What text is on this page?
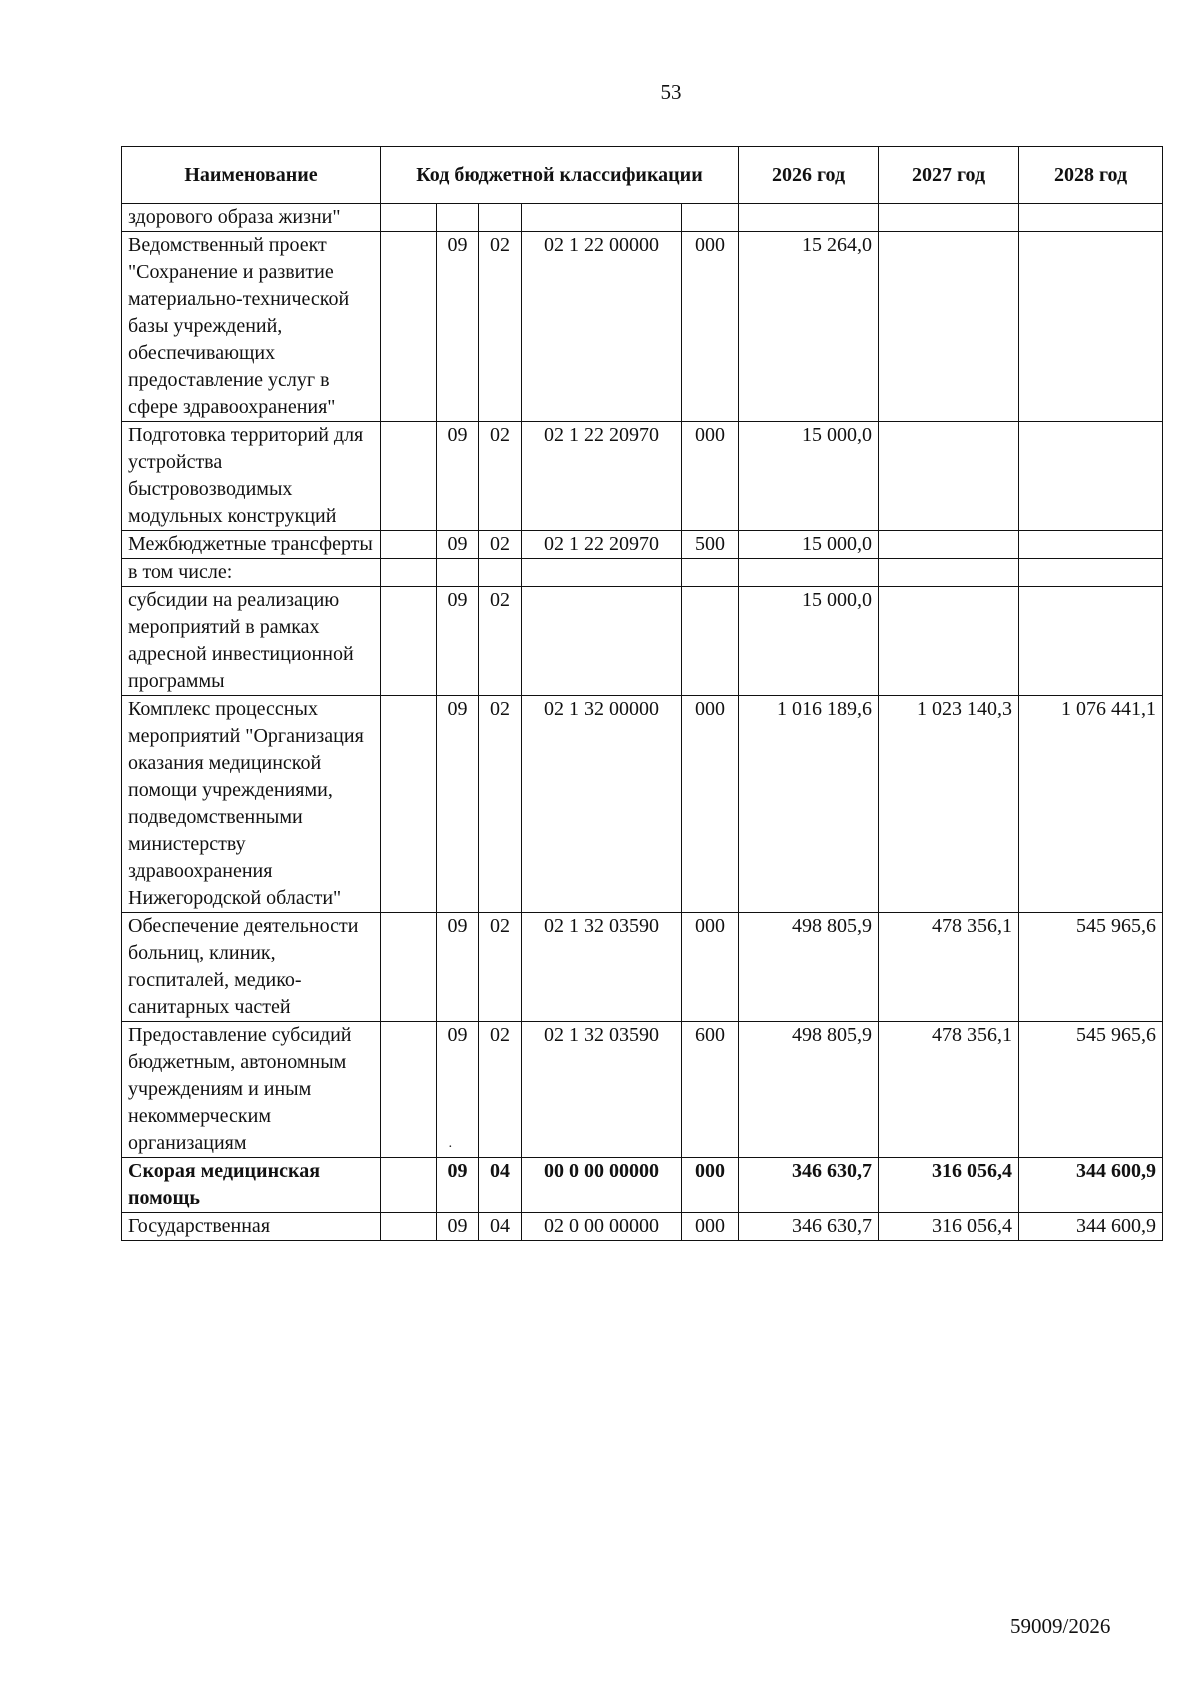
53
Наименование	Код бюджетной классификации					2026 год	2027 год	2028 год
здорового образа жизни"								
Ведомственный проект "Сохранение и развитие материально-технической базы учреждений, обеспечивающих предоставление услуг в сфере здравоохранения"		09	02	02 1 22 00000	000	15 264,0		
Подготовка территорий для устройства быстровозводимых модульных конструкций		09	02	02 1 22 20970	000	15 000,0		
Межбюджетные трансферты		09	02	02 1 22 20970	500	15 000,0		
в том числе:								
субсидии на реализацию мероприятий в рамках адресной инвестиционной программы		09	02			15 000,0		
Комплекс процессных мероприятий "Организация оказания медицинской помощи учреждениями, подведомственными министерству здравоохранения Нижегородской области"		09	02	02 1 32 00000	000	1 016 189,6	1 023 140,3	1 076 441,1
Обеспечение деятельности больниц, клиник, госпиталей, медико-санитарных частей		09	02	02 1 32 03590	000	498 805,9	478 356,1	545 965,6
Предоставление субсидий бюджетным, автономным учреждениям и иным некоммерческим организациям		09	02	02 1 32 03590	600	498 805,9	478 356,1	545 965,6
Скорая медицинская помощь		09	04	00 0 00 00000	000	346 630,7	316 056,4	344 600,9
Государственная		09	04	02 0 00 00000	000	346 630,7	316 056,4	344 600,9
·
59009/2026
